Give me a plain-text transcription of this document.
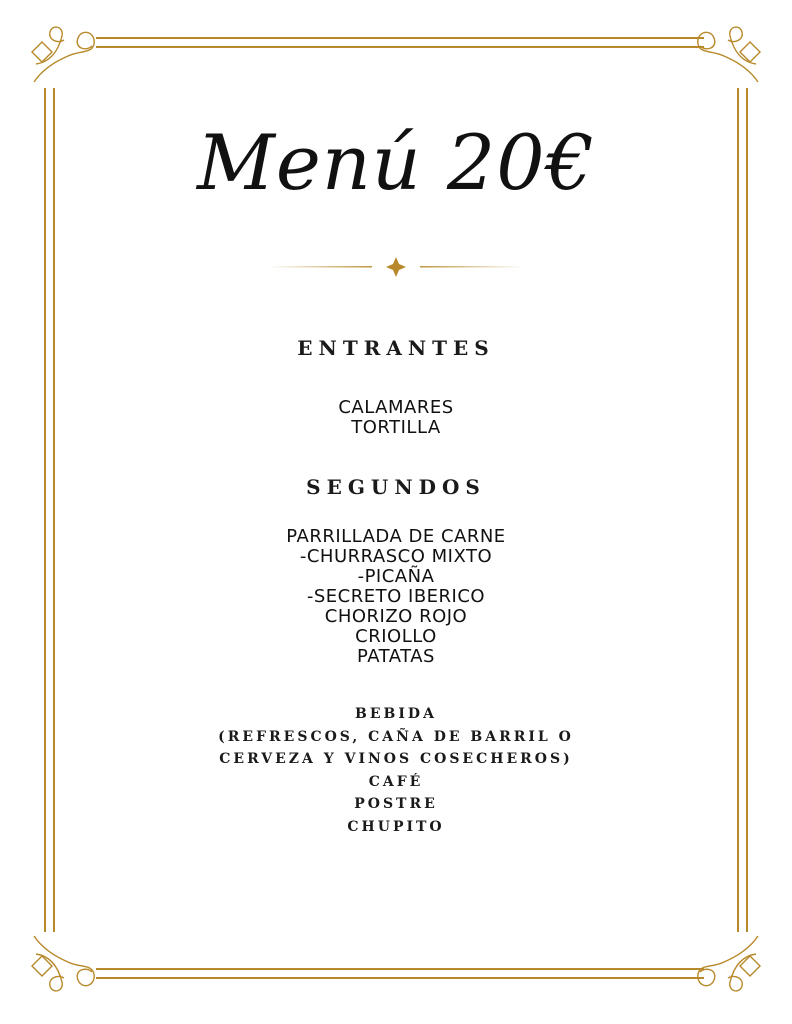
Menú 20€
ENTRANTES
CALAMARES
TORTILLA
SEGUNDOS
PARRILLADA DE CARNE
-CHURRASCO MIXTO
-PICAÑA
-SECRETO IBERICO
CHORIZO ROJO
CRIOLLO
PATATAS
BEBIDA
(REFRESCOS, CAÑA DE BARRIL O
CERVEZA Y VINOS COSECHEROS)
CAFÉ
POSTRE
CHUPITO
